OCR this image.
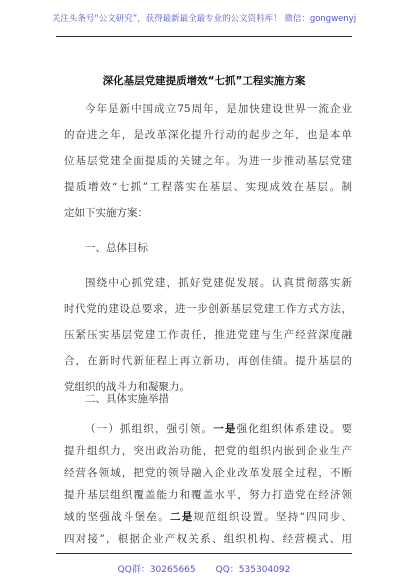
关注头条号“公文研究”，获得最新最全最专业的公文资料库！ 微信：gongwenyj
深化基层党建提质增效“七抓”工程实施方案
今年是新中国成立75周年，是加快建设世界一流企业
的奋进之年，是改革深化提升行动的起步之年，也是本单
位基层党建全面提质的关键之年。为进一步推动基层党建
提质增效“七抓”工程落实在基层、实现成效在基层。制
定如下实施方案：
一、总体目标
围绕中心抓党建，抓好党建促发展。认真贯彻落实新
时代党的建设总要求，进一步创新基层党建工作方式方法，
压紧压实基层党建工作责任，推进党建与生产经营深度融
合，在新时代新征程上再立新功，再创佳绩。提升基层的
党组织的战斗力和凝聚力。
二、具体实施举措
（一）抓组织，强引领。一是强化组织体系建设。要
提升组织力，突出政治功能，把党的组织内嵌到企业生产
经营各领域，把党的领导融入企业改革发展全过程，不断
提升基层组织覆盖能力和覆盖水平，努力打造党在经济领
QQ群：30265665 QQ：535304092
域的坚强战斗堡垒。二是规范组织设置。坚持“四同步、
四对接”，根据企业产权关系、组织机构、经营模式、用
